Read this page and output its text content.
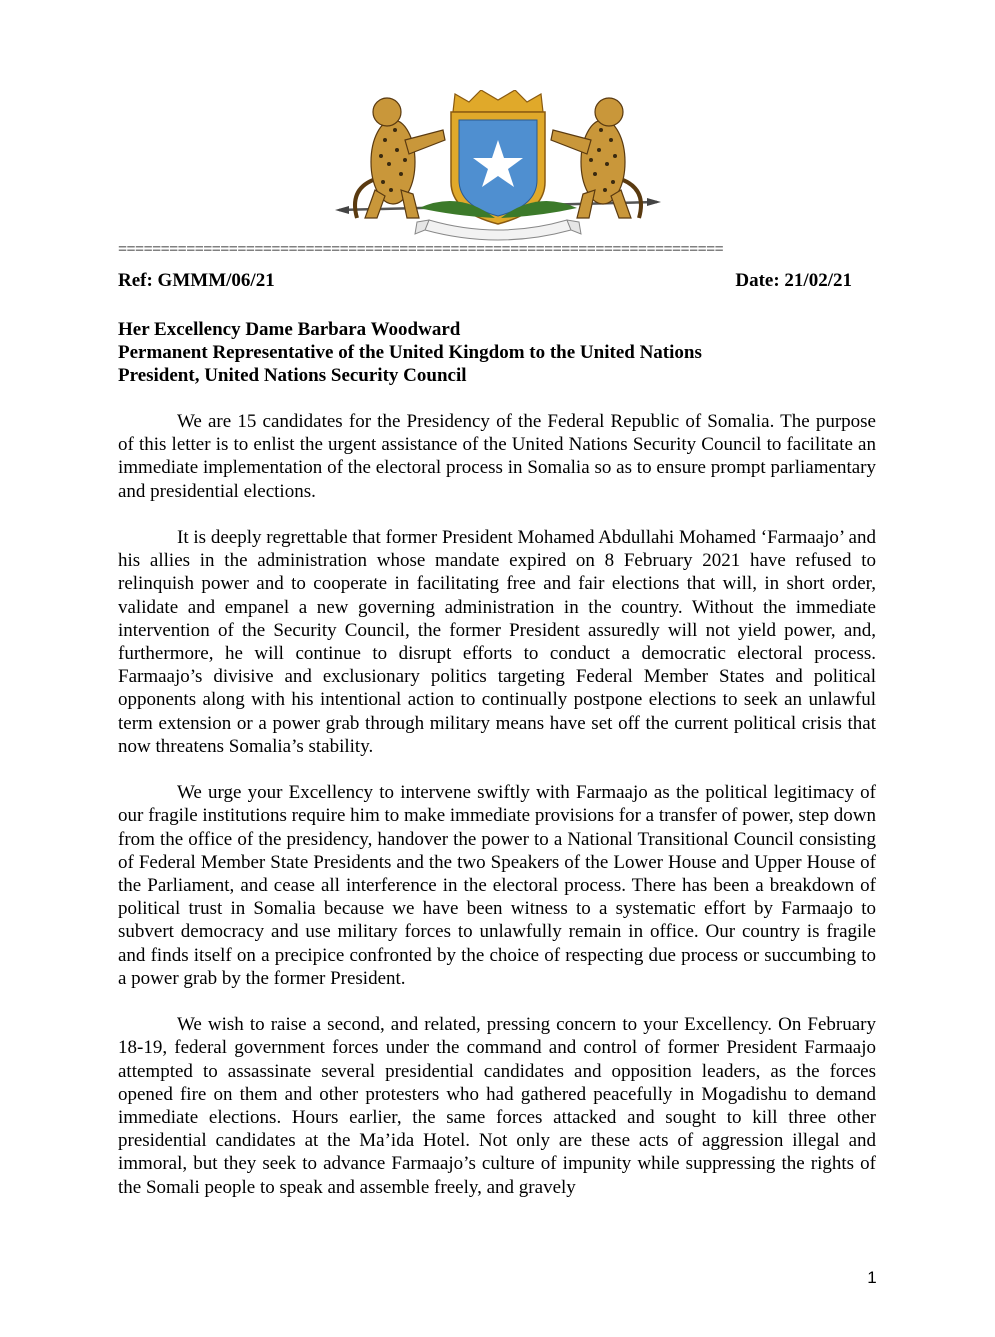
=======================================================================
Ref: GMMM/06/21	Date: 21/02/21
Her Excellency Dame Barbara Woodward
Permanent Representative of the United Kingdom to the United Nations
President, United Nations Security Council

We are 15 candidates for the Presidency of the Federal Republic of Somalia. The purpose of this letter is to enlist the urgent assistance of the United Nations Security Council to facilitate an immediate implementation of the electoral process in Somalia so as to ensure prompt parliamentary and presidential elections.

It is deeply regrettable that former President Mohamed Abdullahi Mohamed ‘Farmaajo’ and his allies in the administration whose mandate expired on 8 February 2021 have refused to relinquish power and to cooperate in facilitating free and fair elections that will, in short order, validate and empanel a new governing administration in the country. Without the immediate intervention of the Security Council, the former President assuredly will not yield power, and, furthermore, he will continue to disrupt efforts to conduct a democratic electoral process. Farmaajo’s divisive and exclusionary politics targeting Federal Member States and political opponents along with his intentional action to continually postpone elections to seek an unlawful term extension or a power grab through military means have set off the current political crisis that now threatens Somalia’s stability.

We urge your Excellency to intervene swiftly with Farmaajo as the political legitimacy of our fragile institutions require him to make immediate provisions for a transfer of power, step down from the office of the presidency, handover the power to a National Transitional Council consisting of Federal Member State Presidents and the two Speakers of the Lower House and Upper House of the Parliament, and cease all interference in the electoral process. There has been a breakdown of political trust in Somalia because we have been witness to a systematic effort by Farmaajo to subvert democracy and use military forces to unlawfully remain in office. Our country is fragile and finds itself on a precipice confronted by the choice of respecting due process or succumbing to a power grab by the former President.

We wish to raise a second, and related, pressing concern to your Excellency. On February 18-19, federal government forces under the command and control of former President Farmaajo attempted to assassinate several presidential candidates and opposition leaders, as the forces opened fire on them and other protesters who had gathered peacefully in Mogadishu to demand immediate elections. Hours earlier, the same forces attacked and sought to kill three other presidential candidates at the Ma’ida Hotel. Not only are these acts of aggression illegal and immoral, but they seek to advance Farmaajo’s culture of impunity while suppressing the rights of the Somali people to speak and assemble freely, and gravely

1
